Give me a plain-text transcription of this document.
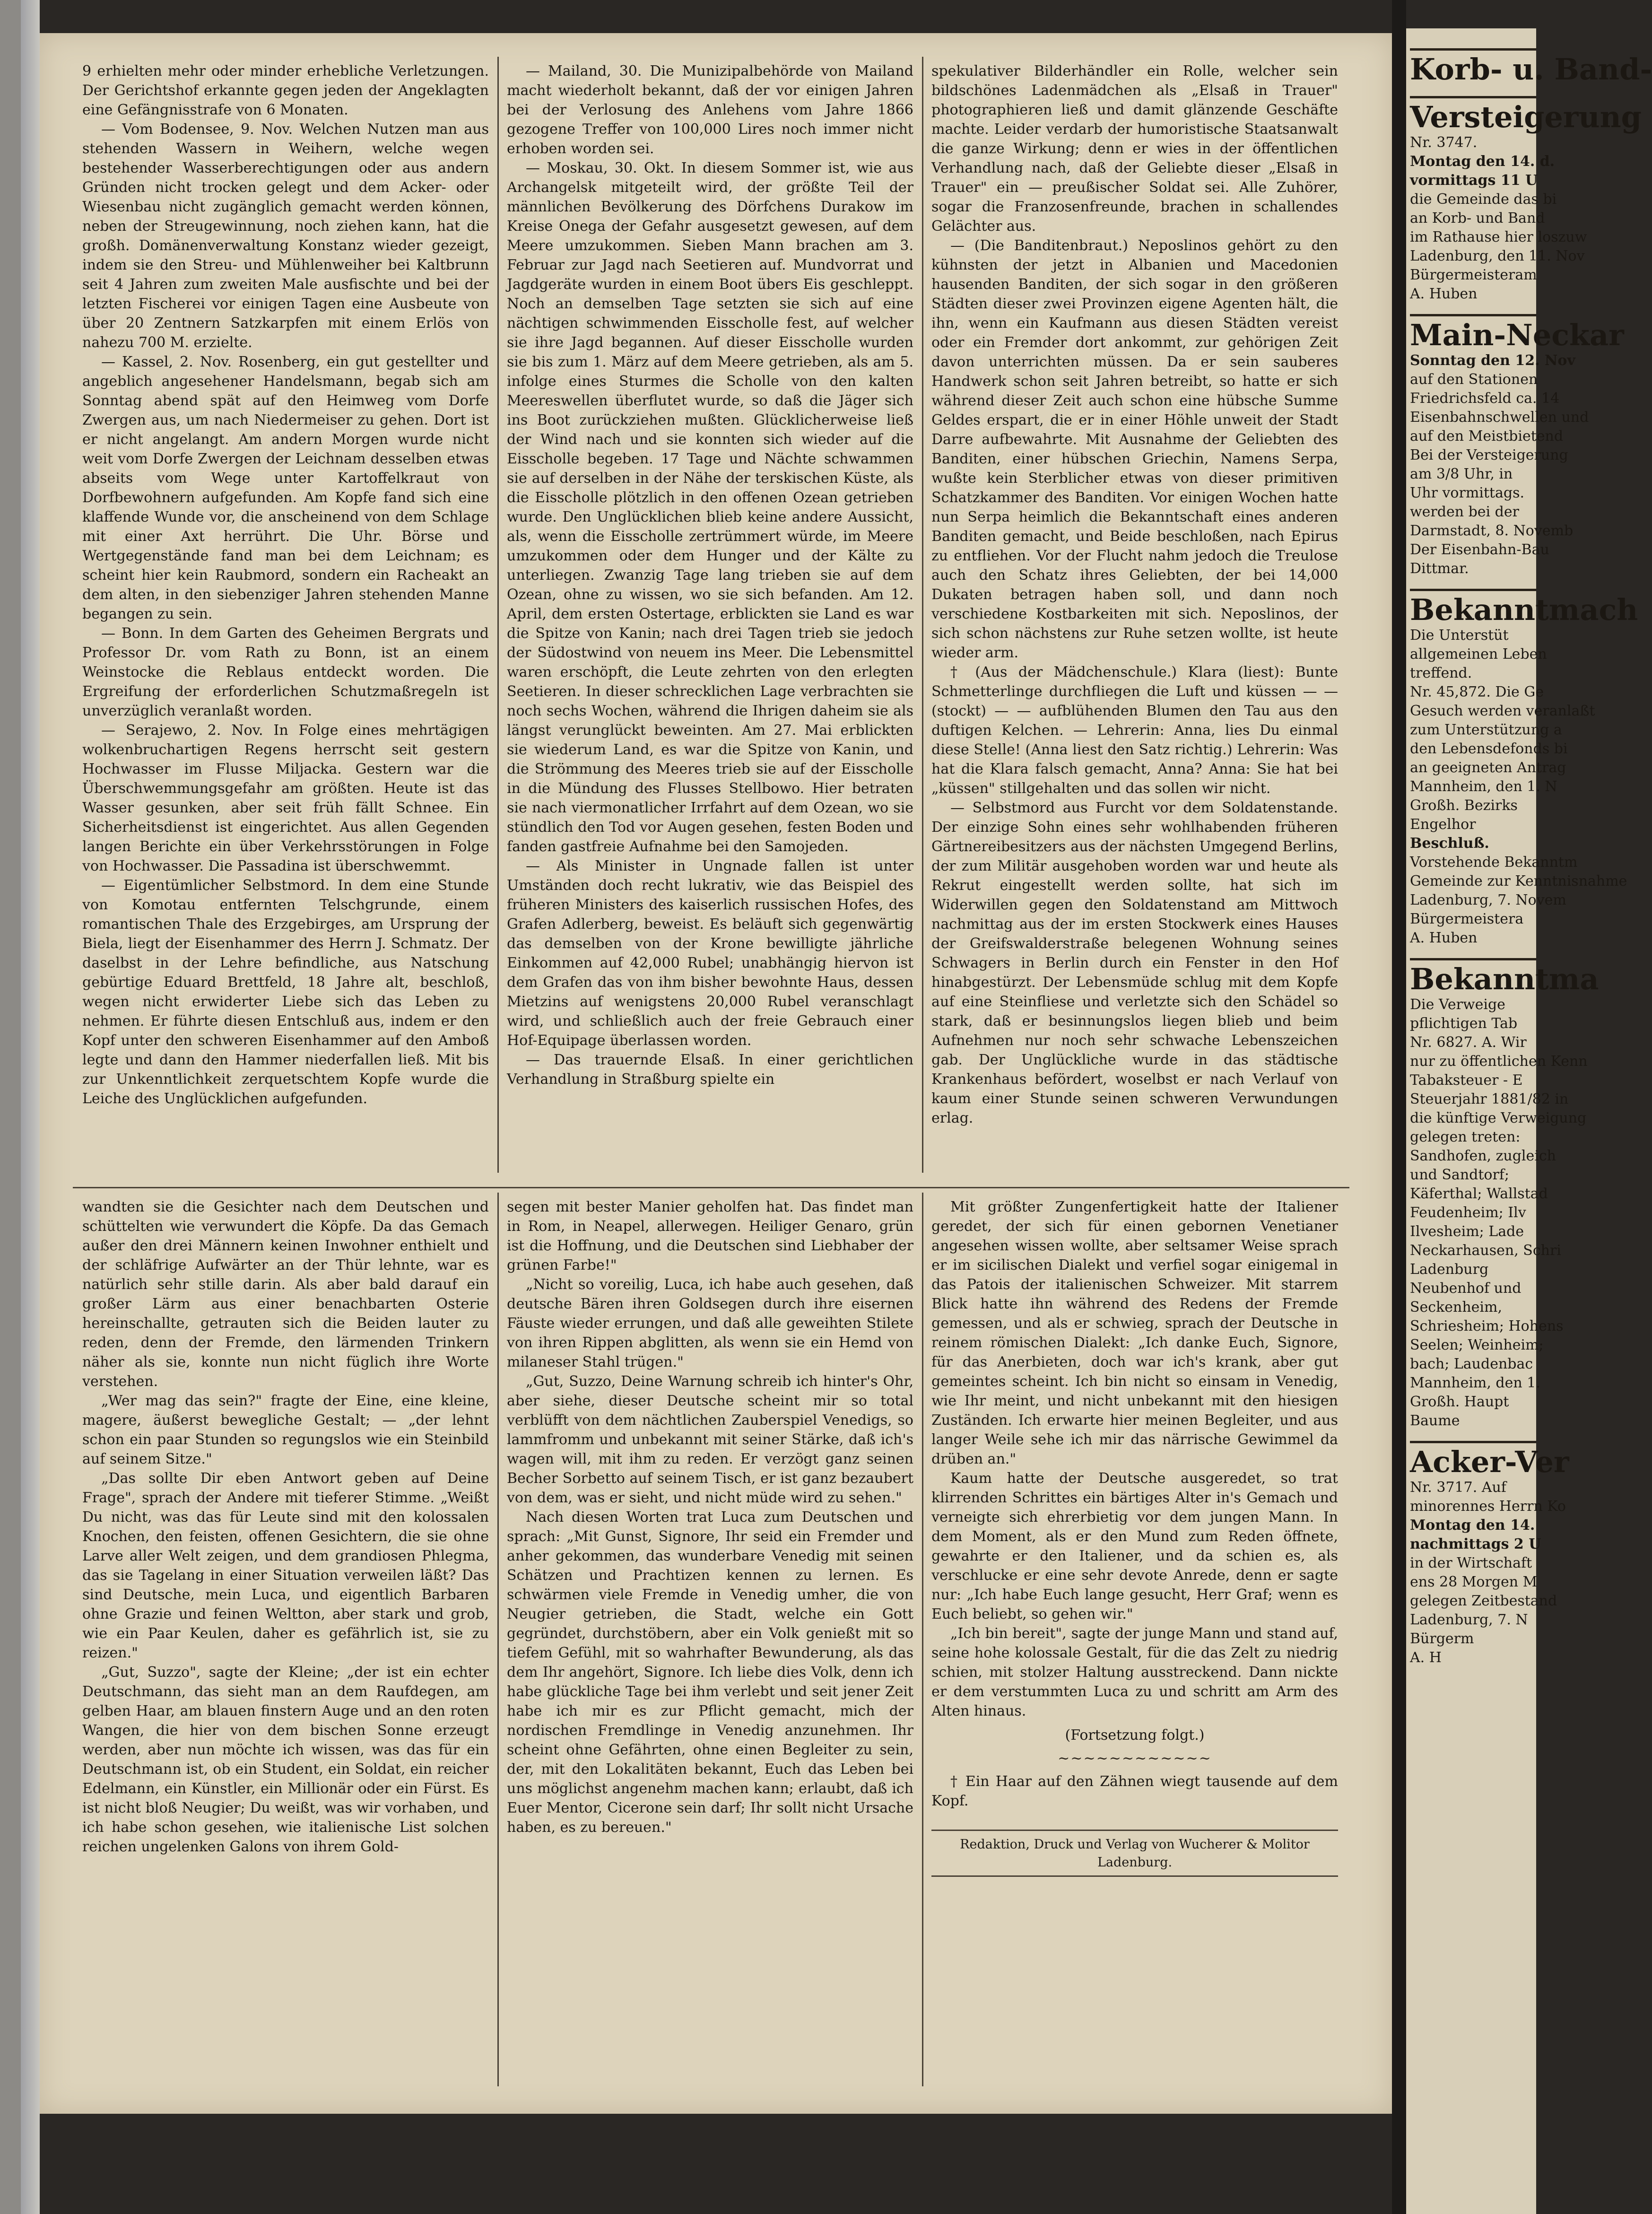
9 erhielten mehr oder minder erhebliche Verletzungen. Der Gerichtshof erkannte gegen jeden der Angeklagten eine Gefängnisstrafe von 6 Monaten.

— Vom Bodensee, 9. Nov. Welchen Nutzen man aus stehenden Wassern in Weihern, welche wegen bestehender Wasserberechtigungen oder aus andern Gründen nicht trocken gelegt und dem Acker- oder Wiesenbau nicht zugänglich gemacht werden können, neben der Streugewinnung, noch ziehen kann, hat die großh. Domänenverwaltung Konstanz wieder gezeigt, indem sie den Streu- und Mühlenweiher bei Kaltbrunn seit 4 Jahren zum zweiten Male ausfischte und bei der letzten Fischerei vor einigen Tagen eine Ausbeute von über 20 Zentnern Satzkarpfen mit einem Erlös von nahezu 700 M. erzielte.

— Kassel, 2. Nov. Rosenberg, ein gut gestellter und angeblich angesehener Handelsmann, begab sich am Sonntag abend spät auf den Heimweg vom Dorfe Zwergen aus, um nach Niedermeiser zu gehen. Dort ist er nicht angelangt. Am andern Morgen wurde nicht weit vom Dorfe Zwergen der Leichnam desselben etwas abseits vom Wege unter Kartoffelkraut von Dorfbewohnern aufgefunden. Am Kopfe fand sich eine klaffende Wunde vor, die anscheinend von dem Schlage mit einer Axt herrührt. Die Uhr. Börse und Wertgegenstände fand man bei dem Leichnam; es scheint hier kein Raubmord, sondern ein Racheakt an dem alten, in den siebenziger Jahren stehenden Manne begangen zu sein.

— Bonn. In dem Garten des Geheimen Bergrats und Professor Dr. vom Rath zu Bonn, ist an einem Weinstocke die Reblaus entdeckt worden. Die Ergreifung der erforderlichen Schutzmaßregeln ist unverzüglich veranlaßt worden.

— Serajewo, 2. Nov. In Folge eines mehrtägigen wolkenbruchartigen Regens herrscht seit gestern Hochwasser im Flusse Miljacka. Gestern war die Überschwemmungsgefahr am größten. Heute ist das Wasser gesunken, aber seit früh fällt Schnee. Ein Sicherheitsdienst ist eingerichtet. Aus allen Gegenden langen Berichte ein über Verkehrsstörungen in Folge von Hochwasser. Die Passadina ist überschwemmt.

— Eigentümlicher Selbstmord. In dem eine Stunde von Komotau entfernten Telschgrunde, einem romantischen Thale des Erzgebirges, am Ursprung der Biela, liegt der Eisenhammer des Herrn J. Schmatz. Der daselbst in der Lehre befindliche, aus Natschung gebürtige Eduard Brettfeld, 18 Jahre alt, beschloß, wegen nicht erwiderter Liebe sich das Leben zu nehmen. Er führte diesen Entschluß aus, indem er den Kopf unter den schweren Eisenhammer auf den Amboß legte und dann den Hammer niederfallen ließ. Mit bis zur Unkenntlichkeit zerquetschtem Kopfe wurde die Leiche des Unglücklichen aufgefunden.

— Mailand, 30. Die Munizipalbehörde von Mailand macht wiederholt bekannt, daß der vor einigen Jahren bei der Verlosung des Anlehens vom Jahre 1866 gezogene Treffer von 100,000 Lires noch immer nicht erhoben worden sei.

— Moskau, 30. Okt. In diesem Sommer ist, wie aus Archangelsk mitgeteilt wird, der größte Teil der männlichen Bevölkerung des Dörfchens Durakow im Kreise Onega der Gefahr ausgesetzt gewesen, auf dem Meere umzukommen. Sieben Mann brachen am 3. Februar zur Jagd nach Seetieren auf. Mundvorrat und Jagdgeräte wurden in einem Boot übers Eis geschleppt. Noch an demselben Tage setzten sie sich auf eine nächtigen schwimmenden Eisscholle fest, auf welcher sie ihre Jagd begannen. Auf dieser Eisscholle wurden sie bis zum 1. März auf dem Meere getrieben, als am 5. infolge eines Sturmes die Scholle von den kalten Meereswellen überflutet wurde, so daß die Jäger sich ins Boot zurückziehen mußten. Glücklicherweise ließ der Wind nach und sie konnten sich wieder auf die Eisscholle begeben. 17 Tage und Nächte schwammen sie auf derselben in der Nähe der terskischen Küste, als die Eisscholle plötzlich in den offenen Ozean getrieben wurde. Den Unglücklichen blieb keine andere Aussicht, als, wenn die Eisscholle zertrümmert würde, im Meere umzukommen oder dem Hunger und der Kälte zu unterliegen. Zwanzig Tage lang trieben sie auf dem Ozean, ohne zu wissen, wo sie sich befanden. Am 12. April, dem ersten Ostertage, erblickten sie Land es war die Spitze von Kanin; nach drei Tagen trieb sie jedoch der Südostwind von neuem ins Meer. Die Lebensmittel waren erschöpft, die Leute zehrten von den erlegten Seetieren. In dieser schrecklichen Lage verbrachten sie noch sechs Wochen, während die Ihrigen daheim sie als längst verunglückt beweinten. Am 27. Mai erblickten sie wiederum Land, es war die Spitze von Kanin, und die Strömmung des Meeres trieb sie auf der Eisscholle in die Mündung des Flusses Stellbowo. Hier betraten sie nach viermonatlicher Irrfahrt auf dem Ozean, wo sie stündlich den Tod vor Augen gesehen, festen Boden und fanden gastfreie Aufnahme bei den Samojeden.

— Als Minister in Ungnade fallen ist unter Umständen doch recht lukrativ, wie das Beispiel des früheren Ministers des kaiserlich russischen Hofes, des Grafen Adlerberg, beweist. Es beläuft sich gegenwärtig das demselben von der Krone bewilligte jährliche Einkommen auf 42,000 Rubel; unabhängig hiervon ist dem Grafen das von ihm bisher bewohnte Haus, dessen Mietzins auf wenigstens 20,000 Rubel veranschlagt wird, und schließlich auch der freie Gebrauch einer Hof-Equipage überlassen worden.

— Das trauernde Elsaß. In einer gerichtlichen Verhandlung in Straßburg spielte ein

spekulativer Bilderhändler ein Rolle, welcher sein bildschönes Ladenmädchen als „Elsaß in Trauer" photographieren ließ und damit glänzende Geschäfte machte. Leider verdarb der humoristische Staatsanwalt die ganze Wirkung; denn er wies in der öffentlichen Verhandlung nach, daß der Geliebte dieser „Elsaß in Trauer" ein — preußischer Soldat sei. Alle Zuhörer, sogar die Franzosenfreunde, brachen in schallendes Gelächter aus.

— (Die Banditenbraut.) Neposlinos gehört zu den kühnsten der jetzt in Albanien und Macedonien hausenden Banditen, der sich sogar in den größeren Städten dieser zwei Provinzen eigene Agenten hält, die ihn, wenn ein Kaufmann aus diesen Städten vereist oder ein Fremder dort ankommt, zur gehörigen Zeit davon unterrichten müssen. Da er sein sauberes Handwerk schon seit Jahren betreibt, so hatte er sich während dieser Zeit auch schon eine hübsche Summe Geldes erspart, die er in einer Höhle unweit der Stadt Darre aufbewahrte. Mit Ausnahme der Geliebten des Banditen, einer hübschen Griechin, Namens Serpa, wußte kein Sterblicher etwas von dieser primitiven Schatzkammer des Banditen. Vor einigen Wochen hatte nun Serpa heimlich die Bekanntschaft eines anderen Banditen gemacht, und Beide beschloßen, nach Epirus zu entfliehen. Vor der Flucht nahm jedoch die Treulose auch den Schatz ihres Geliebten, der bei 14,000 Dukaten betragen haben soll, und dann noch verschiedene Kostbarkeiten mit sich. Neposlinos, der sich schon nächstens zur Ruhe setzen wollte, ist heute wieder arm.

† (Aus der Mädchenschule.) Klara (liest): Bunte Schmetterlinge durchfliegen die Luft und küssen — — (stockt) — — aufblühenden Blumen den Tau aus den duftigen Kelchen. — Lehrerin: Anna, lies Du einmal diese Stelle! (Anna liest den Satz richtig.) Lehrerin: Was hat die Klara falsch gemacht, Anna? Anna: Sie hat bei „küssen" stillgehalten und das sollen wir nicht.

— Selbstmord aus Furcht vor dem Soldatenstande. Der einzige Sohn eines sehr wohlhabenden früheren Gärtnereibesitzers aus der nächsten Umgegend Berlins, der zum Militär ausgehoben worden war und heute als Rekrut eingestellt werden sollte, hat sich im Widerwillen gegen den Soldatenstand am Mittwoch nachmittag aus der im ersten Stockwerk eines Hauses der Greifswalderstraße belegenen Wohnung seines Schwagers in Berlin durch ein Fenster in den Hof hinabgestürzt. Der Lebensmüde schlug mit dem Kopfe auf eine Steinfliese und verletzte sich den Schädel so stark, daß er besinnungslos liegen blieb und beim Aufnehmen nur noch sehr schwache Lebenszeichen gab. Der Unglückliche wurde in das städtische Krankenhaus befördert, woselbst er nach Verlauf von kaum einer Stunde seinen schweren Verwundungen erlag.

wandten sie die Gesichter nach dem Deutschen und schüttelten wie verwundert die Köpfe. Da das Gemach außer den drei Männern keinen Inwohner enthielt und der schläfrige Aufwärter an der Thür lehnte, war es natürlich sehr stille darin. Als aber bald darauf ein großer Lärm aus einer benachbarten Osterie hereinschallte, getrauten sich die Beiden lauter zu reden, denn der Fremde, den lärmenden Trinkern näher als sie, konnte nun nicht füglich ihre Worte verstehen.

„Wer mag das sein?" fragte der Eine, eine kleine, magere, äußerst bewegliche Gestalt; — „der lehnt schon ein paar Stunden so regungslos wie ein Steinbild auf seinem Sitze."

„Das sollte Dir eben Antwort geben auf Deine Frage", sprach der Andere mit tieferer Stimme. „Weißt Du nicht, was das für Leute sind mit den kolossalen Knochen, den feisten, offenen Gesichtern, die sie ohne Larve aller Welt zeigen, und dem grandiosen Phlegma, das sie Tagelang in einer Situation verweilen läßt? Das sind Deutsche, mein Luca, und eigentlich Barbaren ohne Grazie und feinen Weltton, aber stark und grob, wie ein Paar Keulen, daher es gefährlich ist, sie zu reizen."

„Gut, Suzzo", sagte der Kleine; „der ist ein echter Deutschmann, das sieht man an dem Raufdegen, am gelben Haar, am blauen finstern Auge und an den roten Wangen, die hier von dem bischen Sonne erzeugt werden, aber nun möchte ich wissen, was das für ein Deutschmann ist, ob ein Student, ein Soldat, ein reicher Edelmann, ein Künstler, ein Millionär oder ein Fürst. Es ist nicht bloß Neugier; Du weißt, was wir vorhaben, und ich habe schon gesehen, wie italienische List solchen reichen ungelenken Galons von ihrem Gold-

segen mit bester Manier geholfen hat. Das findet man in Rom, in Neapel, allerwegen. Heiliger Genaro, grün ist die Hoffnung, und die Deutschen sind Liebhaber der grünen Farbe!"

„Nicht so voreilig, Luca, ich habe auch gesehen, daß deutsche Bären ihren Goldsegen durch ihre eisernen Fäuste wieder errungen, und daß alle geweihten Stilete von ihren Rippen abglitten, als wenn sie ein Hemd von milaneser Stahl trügen."

„Gut, Suzzo, Deine Warnung schreib ich hinter's Ohr, aber siehe, dieser Deutsche scheint mir so total verblüfft von dem nächtlichen Zauberspiel Venedigs, so lammfromm und unbekannt mit seiner Stärke, daß ich's wagen will, mit ihm zu reden. Er verzögt ganz seinen Becher Sorbetto auf seinem Tisch, er ist ganz bezaubert von dem, was er sieht, und nicht müde wird zu sehen."

Nach diesen Worten trat Luca zum Deutschen und sprach: „Mit Gunst, Signore, Ihr seid ein Fremder und anher gekommen, das wunderbare Venedig mit seinen Schätzen und Prachtizen kennen zu lernen. Es schwärmen viele Fremde in Venedig umher, die von Neugier getrieben, die Stadt, welche ein Gott gegründet, durchstöbern, aber ein Volk genießt mit so tiefem Gefühl, mit so wahrhafter Bewunderung, als das dem Ihr angehört, Signore. Ich liebe dies Volk, denn ich habe glückliche Tage bei ihm verlebt und seit jener Zeit habe ich mir es zur Pflicht gemacht, mich der nordischen Fremdlinge in Venedig anzunehmen. Ihr scheint ohne Gefährten, ohne einen Begleiter zu sein, der, mit den Lokalitäten bekannt, Euch das Leben bei uns möglichst angenehm machen kann; erlaubt, daß ich Euer Mentor, Cicerone sein darf; Ihr sollt nicht Ursache haben, es zu bereuen."

Mit größter Zungenfertigkeit hatte der Italiener geredet, der sich für einen gebornen Venetianer angesehen wissen wollte, aber seltsamer Weise sprach er im sicilischen Dialekt und verfiel sogar einigemal in das Patois der italienischen Schweizer. Mit starrem Blick hatte ihn während des Redens der Fremde gemessen, und als er schwieg, sprach der Deutsche in reinem römischen Dialekt: „Ich danke Euch, Signore, für das Anerbieten, doch war ich's krank, aber gut gemeintes scheint. Ich bin nicht so einsam in Venedig, wie Ihr meint, und nicht unbekannt mit den hiesigen Zuständen. Ich erwarte hier meinen Begleiter, und aus langer Weile sehe ich mir das närrische Gewimmel da drüben an."

Kaum hatte der Deutsche ausgeredet, so trat klirrenden Schrittes ein bärtiges Alter in's Gemach und verneigte sich ehrerbietig vor dem jungen Mann. In dem Moment, als er den Mund zum Reden öffnete, gewahrte er den Italiener, und da schien es, als verschlucke er eine sehr devote Anrede, denn er sagte nur: „Ich habe Euch lange gesucht, Herr Graf; wenn es Euch beliebt, so gehen wir."

„Ich bin bereit", sagte der junge Mann und stand auf, seine hohe kolossale Gestalt, für die das Zelt zu niedrig schien, mit stolzer Haltung ausstreckend. Dann nickte er dem verstummten Luca zu und schritt am Arm des Alten hinaus.

(Fortsetzung folgt.)

~~~~~~~~~~~~

† Ein Haar auf den Zähnen wiegt tausende auf dem Kopf.

Redaktion, Druck und Verlag von Wucherer & Molitor Ladenburg.
Korb- u. Band-
Versteigerung
Nr. 3747.
Montag den 14. d.
vormittags 11 U
die Gemeinde das bi
an Korb- und Band
im Rathause hier loszuw
Ladenburg, den 11. Nov
Bürgermeisteram
A. Huben
Main-Neckar
Sonntag den 12. Nov
auf den Stationen
Friedrichsfeld ca. 14
Eisenbahnschwellen und
auf den Meistbietend
Bei der Versteigerung
am 3/8 Uhr, in
Uhr vormittags.
werden bei der
Darmstadt, 8. Novemb
Der Eisenbahn-Bau
Dittmar.
Bekanntmach
Die Unterstüt
allgemeinen Leben
treffend.
Nr. 45,872. Die Ge
Gesuch werden veranlaßt
zum Unterstützung a
den Lebensdefonds bi
an geeigneten Antrag
Mannheim, den 1. N
Großh. Bezirks
Engelhor
Beschluß.
Vorstehende Bekanntm
Gemeinde zur Kenntnisnahme
Ladenburg, 7. Novem
Bürgermeistera
A. Huben
Bekanntma
Die Verweige
pflichtigen Tab
Nr. 6827. A. Wir
nur zu öffentlichen Kenn
Tabaksteuer - E
Steuerjahr 1881/82 in
die künftige Verweigung
gelegen treten:
Sandhofen, zugleich
und Sandtorf;
Käferthal; Wallstad
Feudenheim; Ilv
Ilvesheim; Lade
Neckarhausen, Schri
Ladenburg
Neubenhof und
Seckenheim,
Schriesheim; Hohens
Seelen; Weinheim;
bach; Laudenbac
Mannheim, den 1.
Großh. Haupt
Baume
Acker-Ver
Nr. 3717. Auf
minorennes Herrn Ko
Montag den 14.
nachmittags 2 U
in der Wirtschaft
ens 28 Morgen M
gelegen Zeitbestand
Ladenburg, 7. N
Bürgerm
A. H
